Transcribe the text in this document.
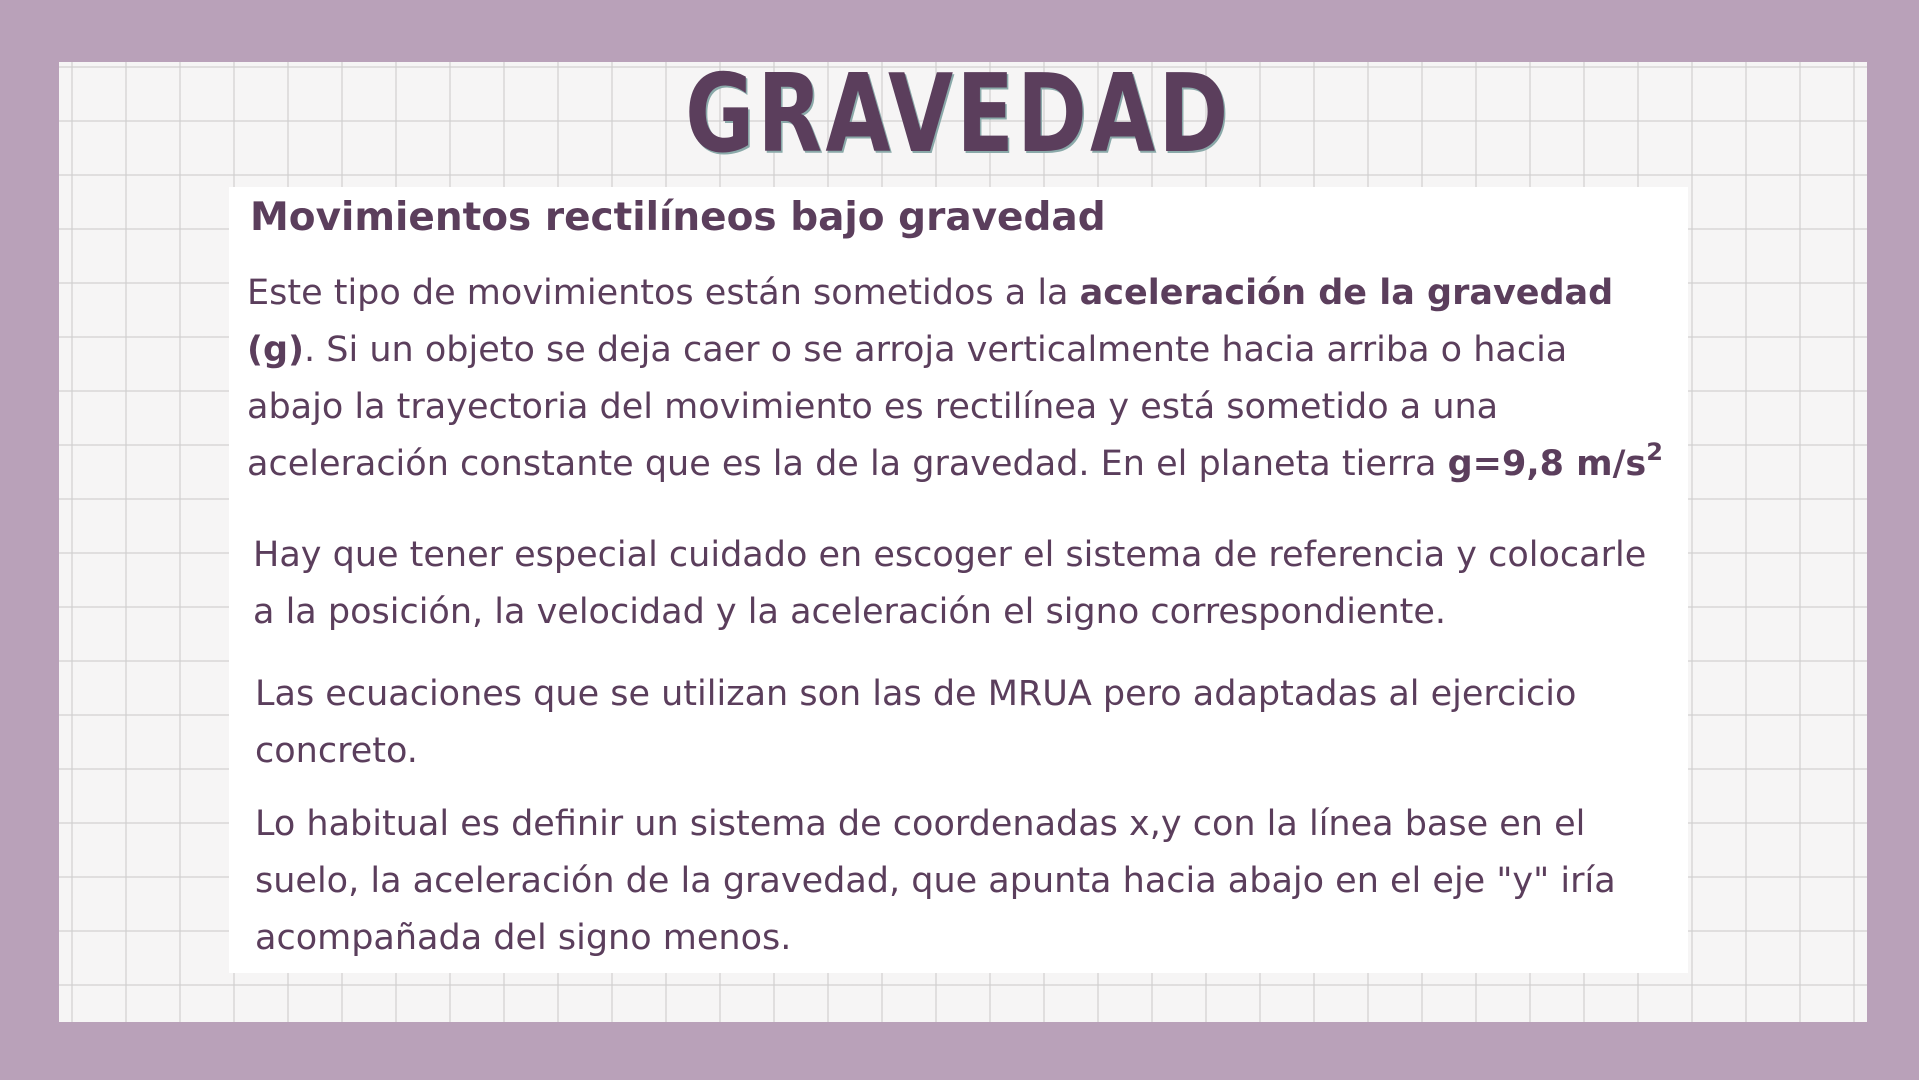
GRAVEDAD
Movimientos rectilíneos bajo gravedad
Este tipo de movimientos están sometidos a la aceleración de la gravedad (g). Si un objeto se deja caer o se arroja verticalmente hacia arriba o hacia abajo la trayectoria del movimiento es rectilínea y está sometido a una aceleración constante que es la de la gravedad. En el planeta tierra g=9,8 $m/s^2$
Hay que tener especial cuidado en escoger el sistema de referencia y colocarle a la posición, la velocidad y la aceleración el signo correspondiente.
Las ecuaciones que se utilizan son las de MRUA pero adaptadas al ejercicio concreto.
Lo habitual es definir un sistema de coordenadas x,y con la línea base en el suelo, la aceleración de la gravedad, que apunta hacia abajo en el eje "y" iría acompañada del signo menos.
